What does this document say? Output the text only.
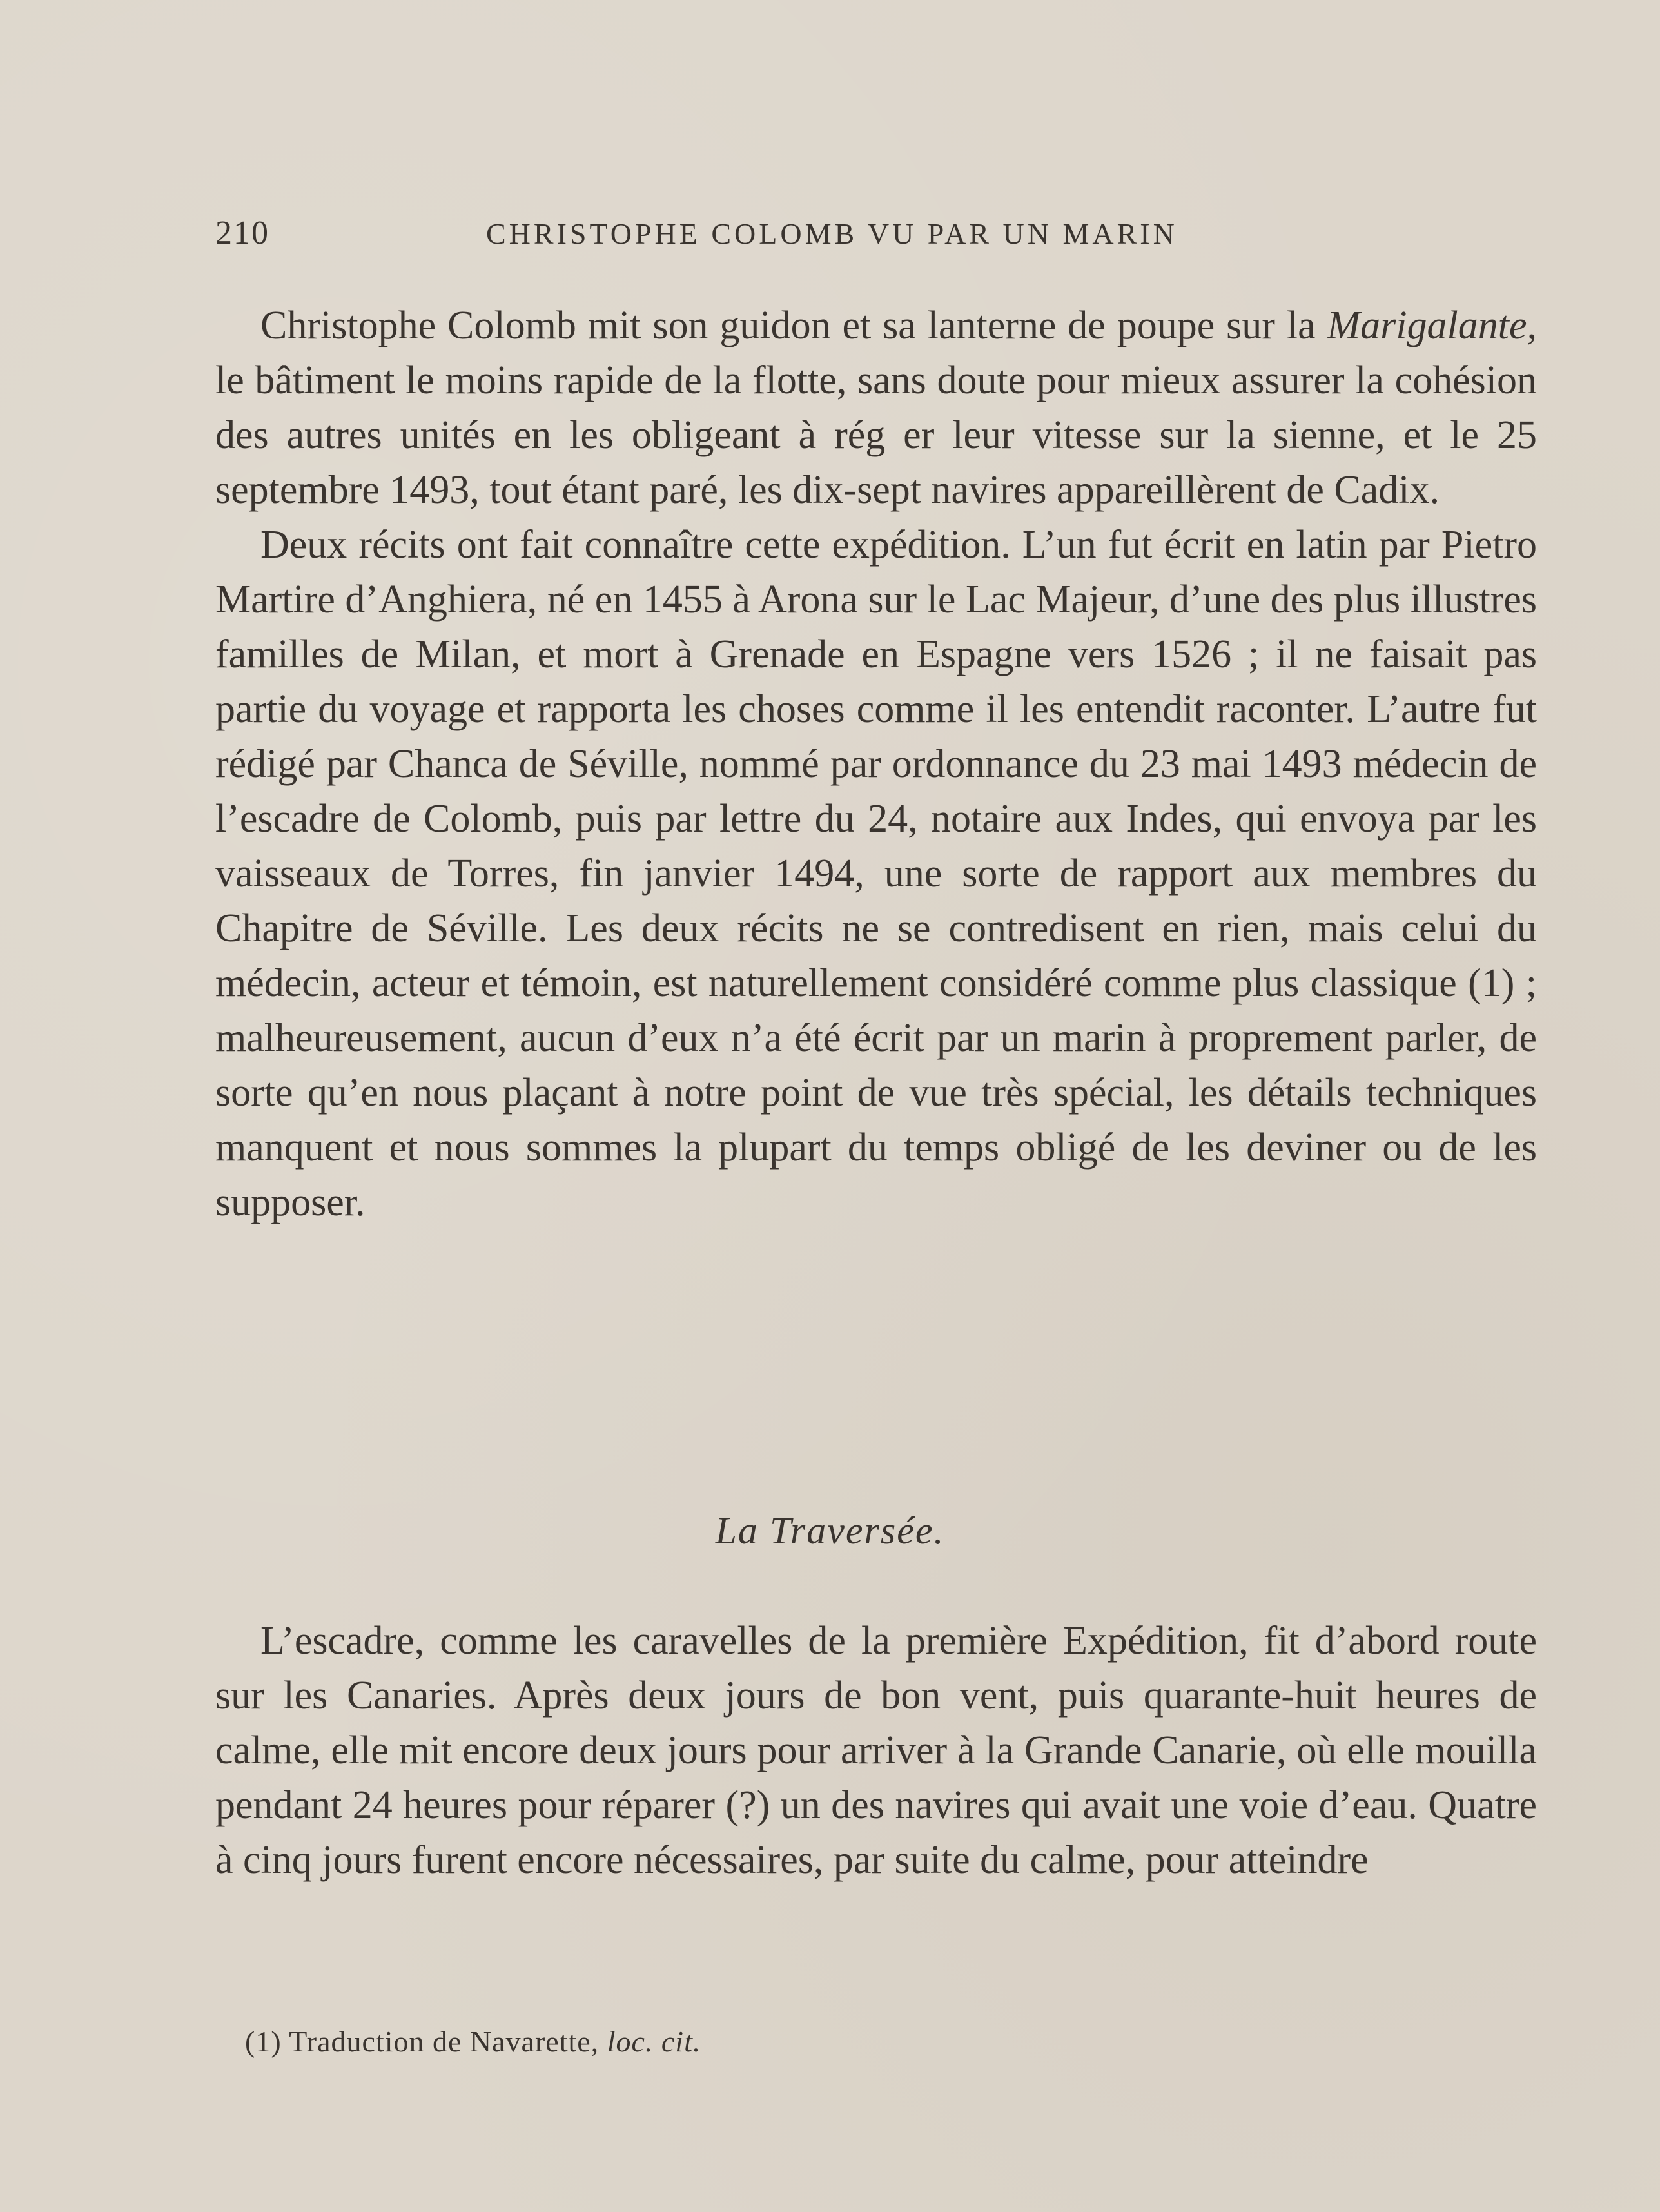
210	CHRISTOPHE COLOMB VU PAR UN MARIN

Christophe Colomb mit son guidon et sa lanterne de poupe sur la Marigalante, le bâtiment le moins rapide de la flotte, sans doute pour mieux assurer la cohésion des autres unités en les obligeant à rég er leur vitesse sur la sienne, et le 25 septembre 1493, tout étant paré, les dix-sept navires appareillèrent de Cadix.

Deux récits ont fait connaître cette expédition. L’un fut écrit en latin par Pietro Martire d’Anghiera, né en 1455 à Arona sur le Lac Majeur, d’une des plus illustres familles de Milan, et mort à Grenade en Espagne vers 1526 ; il ne faisait pas partie du voyage et rapporta les choses comme il les entendit raconter. L’autre fut rédigé par Chanca de Séville, nommé par ordonnance du 23 mai 1493 médecin de l’escadre de Colomb, puis par lettre du 24, notaire aux Indes, qui envoya par les vaisseaux de Torres, fin janvier 1494, une sorte de rapport aux membres du Chapitre de Séville. Les deux récits ne se contredisent en rien, mais celui du médecin, acteur et témoin, est naturellement considéré comme plus classique (1) ; malheureusement, aucun d’eux n’a été écrit par un marin à proprement parler, de sorte qu’en nous plaçant à notre point de vue très spécial, les détails techniques manquent et nous sommes la plupart du temps obligé de les deviner ou de les supposer.

La Traversée.

L’escadre, comme les caravelles de la première Expédition, fit d’abord route sur les Canaries. Après deux jours de bon vent, puis quarante-huit heures de calme, elle mit encore deux jours pour arriver à la Grande Canarie, où elle mouilla pendant 24 heures pour réparer (?) un des navires qui avait une voie d’eau. Quatre à cinq jours furent encore nécessaires, par suite du calme, pour atteindre

(1) Traduction de Navarette, loc. cit.
